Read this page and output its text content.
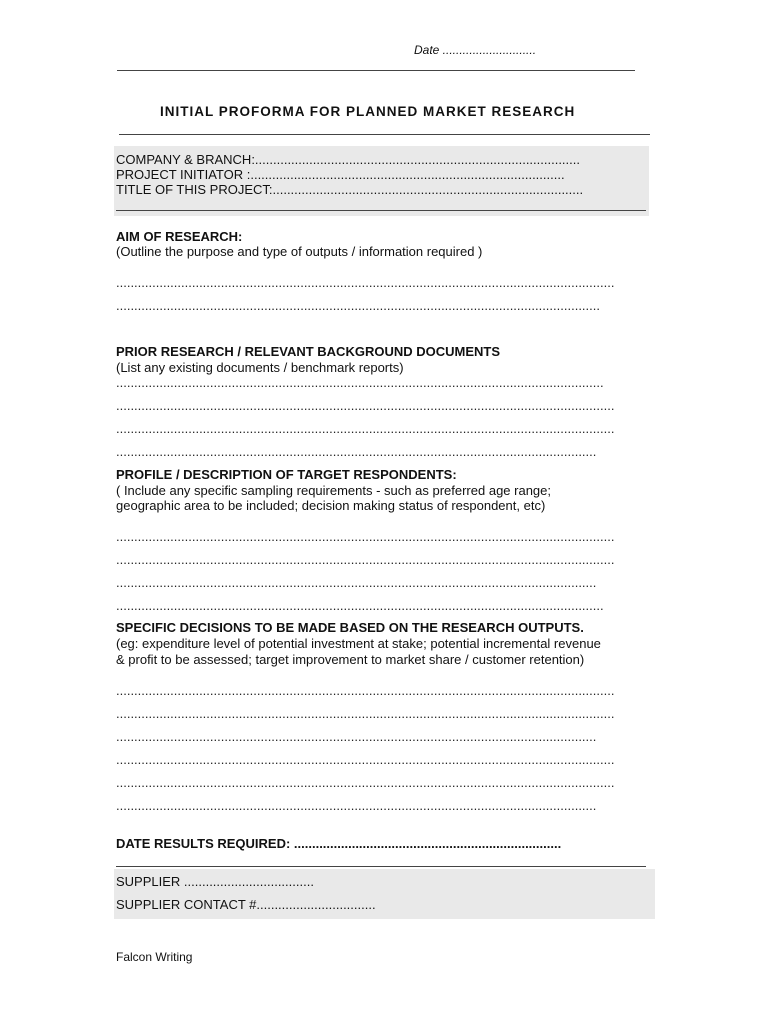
Date ............................
INITIAL PROFORMA FOR PLANNED MARKET RESEARCH
COMPANY & BRANCH:..........................................................................................
PROJECT INITIATOR :.......................................................................................
TITLE OF THIS PROJECT:......................................................................................
AIM OF RESEARCH:
(Outline the purpose and type of outputs / information required )
..........................................................................................................................................
......................................................................................................................................
PRIOR RESEARCH / RELEVANT BACKGROUND DOCUMENTS
(List any existing documents / benchmark reports)
.......................................................................................................................................
..........................................................................................................................................
..........................................................................................................................................
.....................................................................................................................................
PROFILE / DESCRIPTION OF TARGET RESPONDENTS:
( Include any specific sampling requirements - such as preferred age range;
geographic area to be included; decision making status of respondent, etc)
..........................................................................................................................................
..........................................................................................................................................
.....................................................................................................................................
.......................................................................................................................................
SPECIFIC DECISIONS TO BE MADE BASED ON THE RESEARCH OUTPUTS.
(eg: expenditure level of potential investment at stake; potential incremental revenue
& profit to be assessed; target improvement to market share / customer retention)
..........................................................................................................................................
..........................................................................................................................................
.....................................................................................................................................
..........................................................................................................................................
..........................................................................................................................................
.....................................................................................................................................
DATE RESULTS REQUIRED: ..........................................................................
SUPPLIER ....................................
SUPPLIER CONTACT #.................................
Falcon Writing
